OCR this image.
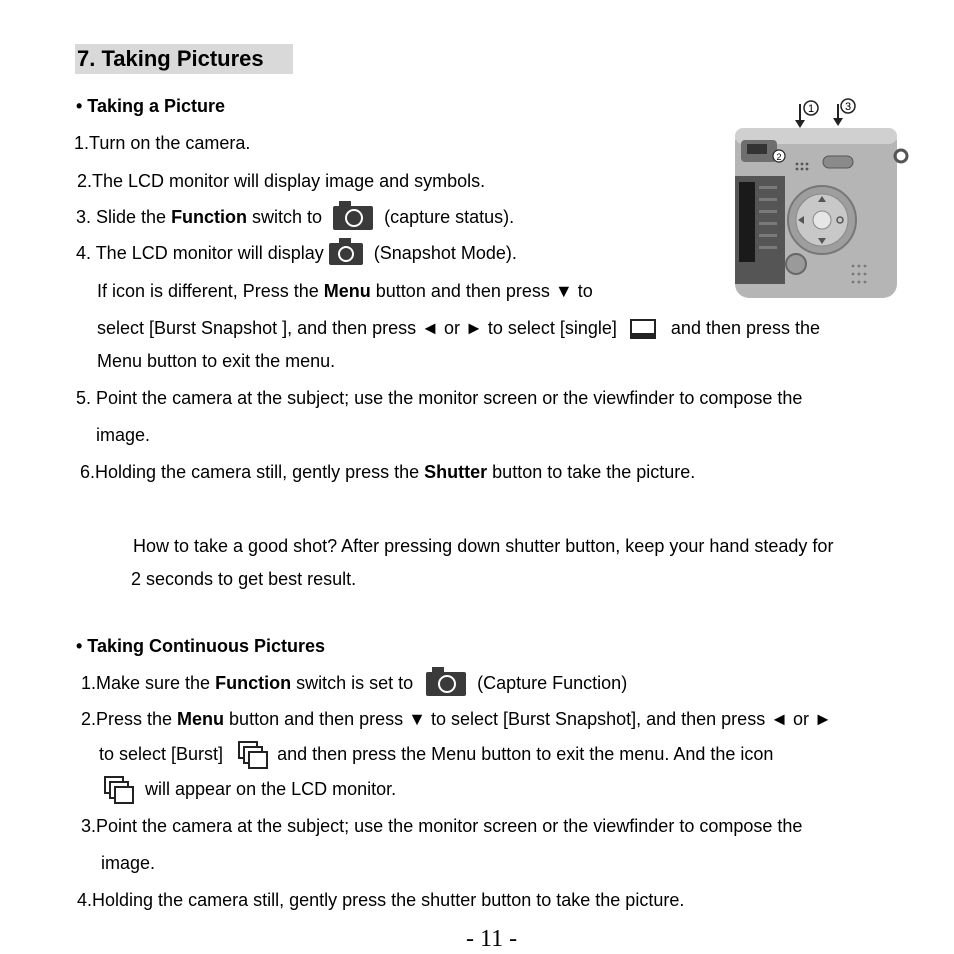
7. Taking Pictures
• Taking a Picture
1.Turn on the camera.
2.The LCD monitor will display image and symbols.
3. Slide the Function switch to	(capture status).
4. The LCD monitor will display	(Snapshot Mode).
If icon is different, Press the Menu button and then press ▼ to
select [Burst Snapshot ], and then press ◄ or ► to select [single]	and then press the
Menu button to exit the menu.
5. Point the camera at the subject; use the monitor screen or the viewfinder to compose the
image.
6.Holding the camera still, gently press the Shutter button to take the picture.
How to take a good shot? After pressing down shutter button, keep your hand steady for
2 seconds to get best result.
1	3
2
• Taking Continuous Pictures
1.Make sure the Function switch is set to	(Capture Function)
2.Press the Menu button and then press ▼ to select [Burst Snapshot], and then press ◄ or ►
to select [Burst]	and then press the Menu button to exit the menu. And the icon
will appear on the LCD monitor.
3.Point the camera at the subject; use the monitor screen or the viewfinder to compose the
image.
4.Holding the camera still, gently press the shutter button to take the picture.
- 11 -
